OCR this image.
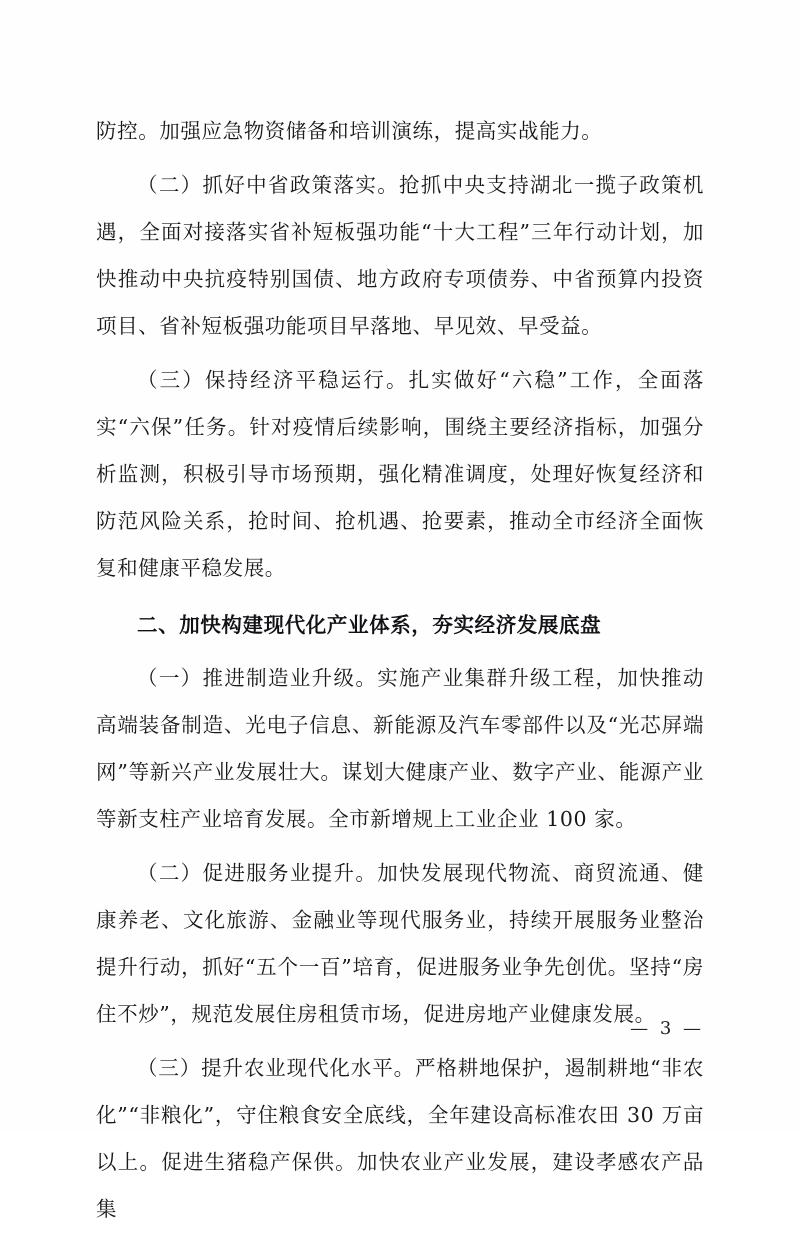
防控。加强应急物资储备和培训演练，提高实战能力。

（二）抓好中省政策落实。抢抓中央支持湖北一揽子政策机遇，全面对接落实省补短板强功能“十大工程”三年行动计划，加快推动中央抗疫特别国债、地方政府专项债券、中省预算内投资项目、省补短板强功能项目早落地、早见效、早受益。

（三）保持经济平稳运行。扎实做好“六稳”工作，全面落实“六保”任务。针对疫情后续影响，围绕主要经济指标，加强分析监测，积极引导市场预期，强化精准调度，处理好恢复经济和防范风险关系，抢时间、抢机遇、抢要素，推动全市经济全面恢复和健康平稳发展。

二、加快构建现代化产业体系，夯实经济发展底盘

（一）推进制造业升级。实施产业集群升级工程，加快推动高端装备制造、光电子信息、新能源及汽车零部件以及“光芯屏端网”等新兴产业发展壮大。谋划大健康产业、数字产业、能源产业等新支柱产业培育发展。全市新增规上工业企业 100 家。

（二）促进服务业提升。加快发展现代物流、商贸流通、健康养老、文化旅游、金融业等现代服务业，持续开展服务业整治提升行动，抓好“五个一百”培育，促进服务业争先创优。坚持“房住不炒”，规范发展住房租赁市场，促进房地产业健康发展。

（三）提升农业现代化水平。严格耕地保护，遏制耕地“非农化”“非粮化”，守住粮食安全底线，全年建设高标准农田 30 万亩以上。促进生猪稳产保供。加快农业产业发展，建设孝感农产品集

— 3 —
